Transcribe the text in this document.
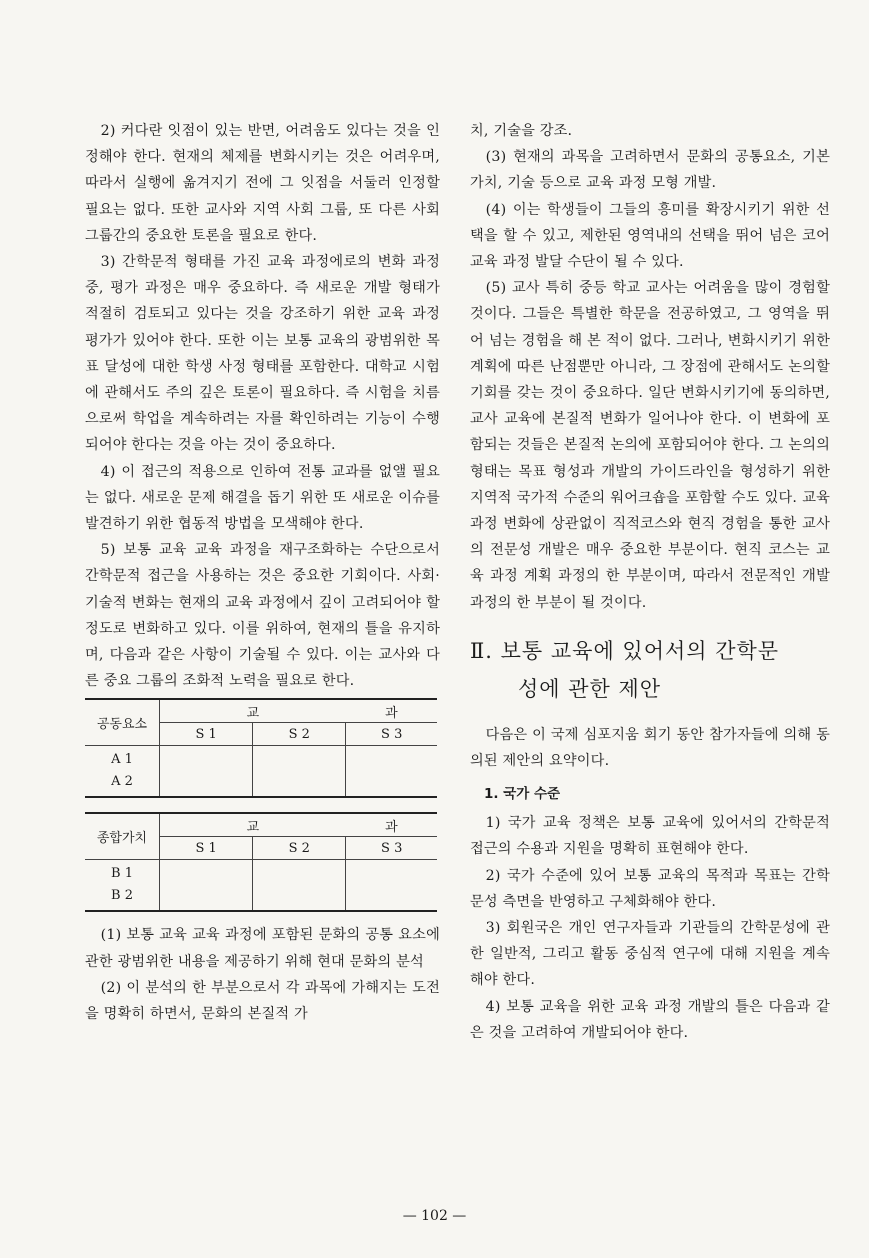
2) 커다란 잇점이 있는 반면, 어려움도 있다는 것을 인정해야 한다. 현재의 체제를 변화시키는 것은 어려우며, 따라서 실행에 옮겨지기 전에 그 잇점을 서둘러 인정할 필요는 없다. 또한 교사와 지역 사회 그룹, 또 다른 사회 그룹간의 중요한 토론을 필요로 한다.

3) 간학문적 형태를 가진 교육 과정에로의 변화 과정 중, 평가 과정은 매우 중요하다. 즉 새로운 개발 형태가 적절히 검토되고 있다는 것을 강조하기 위한 교육 과정 평가가 있어야 한다. 또한 이는 보통 교육의 광범위한 목표 달성에 대한 학생 사정 형태를 포함한다. 대학교 시험에 관해서도 주의 깊은 토론이 필요하다. 즉 시험을 치름으로써 학업을 계속하려는 자를 확인하려는 기능이 수행되어야 한다는 것을 아는 것이 중요하다.

4) 이 접근의 적용으로 인하여 전통 교과를 없앨 필요는 없다. 새로운 문제 해결을 돕기 위한 또 새로운 이슈를 발견하기 위한 협동적 방법을 모색해야 한다.

5) 보통 교육 교육 과정을 재구조화하는 수단으로서 간학문적 접근을 사용하는 것은 중요한 기회이다. 사회·기술적 변화는 현재의 교육 과정에서 깊이 고려되어야 할 정도로 변화하고 있다. 이를 위하여, 현재의 틀을 유지하며, 다음과 같은 사항이 기술될 수 있다. 이는 교사와 다른 중요 그룹의 조화적 노력을 필요로 한다.

공동요소	교		과
	S 1	S 2	S 3

A 1
A 2			

종합가치	교		과
	S 1	S 2	S 3

B 1
B 2			

(1) 보통 교육 교육 과정에 포함된 문화의 공통 요소에 관한 광범위한 내용을 제공하기 위해 현대 문화의 분석

(2) 이 분석의 한 부분으로서 각 과목에 가해지는 도전을 명확히 하면서, 문화의 본질적 가

치, 기술을 강조.

(3) 현재의 과목을 고려하면서 문화의 공통요소, 기본 가치, 기술 등으로 교육 과정 모형 개발.

(4) 이는 학생들이 그들의 흥미를 확장시키기 위한 선택을 할 수 있고, 제한된 영역내의 선택을 뛰어 넘은 코어 교육 과정 발달 수단이 될 수 있다.

(5) 교사 특히 중등 학교 교사는 어려움을 많이 경험할 것이다. 그들은 특별한 학문을 전공하였고, 그 영역을 뛰어 넘는 경험을 해 본 적이 없다. 그러나, 변화시키기 위한 계획에 따른 난점뿐만 아니라, 그 장점에 관해서도 논의할 기회를 갖는 것이 중요하다. 일단 변화시키기에 동의하면, 교사 교육에 본질적 변화가 일어나야 한다. 이 변화에 포함되는 것들은 본질적 논의에 포함되어야 한다. 그 논의의 형태는 목표 형성과 개발의 가이드라인을 형성하기 위한 지역적 국가적 수준의 워어크숍을 포함할 수도 있다. 교육 과정 변화에 상관없이 직적코스와 현직 경험을 통한 교사의 전문성 개발은 매우 중요한 부분이다. 현직 코스는 교육 과정 계획 과정의 한 부분이며, 따라서 전문적인 개발 과정의 한 부분이 될 것이다.

Ⅱ. 보통 교육에 있어서의 간학문
성에 관한 제안

다음은 이 국제 심포지움 회기 동안 참가자들에 의해 동의된 제안의 요약이다.

1. 국가 수준

1) 국가 교육 정책은 보통 교육에 있어서의 간학문적 접근의 수용과 지원을 명확히 표현해야 한다.

2) 국가 수준에 있어 보통 교육의 목적과 목표는 간학문성 측면을 반영하고 구체화해야 한다.

3) 회원국은 개인 연구자들과 기관들의 간학문성에 관한 일반적, 그리고 활동 중심적 연구에 대해 지원을 계속해야 한다.

4) 보통 교육을 위한 교육 과정 개발의 틀은 다음과 같은 것을 고려하여 개발되어야 한다.

— 102 —
